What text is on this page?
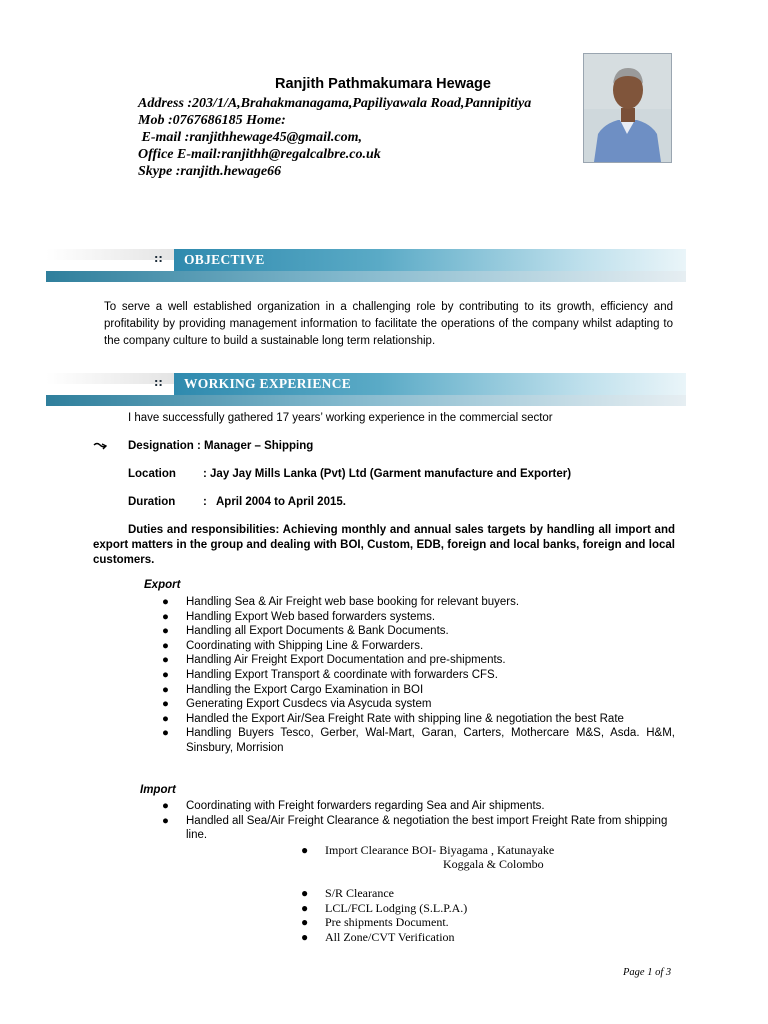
Ranjith Pathmakumara Hewage
Address :203/1/A,Brahakmanagama,Papiliyawala Road,Pannipitiya
Mob :0767686185 Home:
E-mail :ranjithhewage45@gmail.com,
Office E-mail:ranjithh@regalcalbre.co.uk
Skype :ranjith.hewage66
::	OBJECTIVE
To serve a well established organization in a challenging role by contributing to its growth, efficiency and profitability by providing management information to facilitate the operations of the company whilst adapting to the company culture to build a sustainable long term relationship.
::	WORKING EXPERIENCE
I have successfully gathered 17 years’ working experience in the commercial sector
Designation : Manager – Shipping
Location : Jay Jay Mills Lanka (Pvt) Ltd (Garment manufacture and Exporter)
Duration :   April 2004 to April 2015.
Duties and responsibilities: Achieving monthly and annual sales targets by handling all import and export matters in the group and dealing with BOI, Custom, EDB, foreign and local banks, foreign and local customers.
Export
● Handling Sea & Air Freight web base booking for relevant buyers.
● Handling Export Web based forwarders systems.
● Handling all Export Documents & Bank Documents.
● Coordinating with Shipping Line & Forwarders.
● Handling Air Freight Export Documentation and pre-shipments.
● Handling Export Transport & coordinate with forwarders CFS.
● Handling the Export Cargo Examination in BOI
● Generating Export Cusdecs via Asycuda system
● Handled the Export Air/Sea Freight Rate with shipping line & negotiation the best Rate
● Handling Buyers Tesco, Gerber, Wal-Mart, Garan, Carters, Mothercare M&S, Asda. H&M, Sinsbury, Morrision
Import
● Coordinating with Freight forwarders regarding Sea and Air shipments.
● Handled all Sea/Air Freight Clearance & negotiation the best import Freight Rate from shipping line.
● Import Clearance BOI- Biyagama , Katunayake
Koggala & Colombo
● S/R Clearance
● LCL/FCL Lodging (S.L.P.A.)
● Pre shipments Document.
● All Zone/CVT Verification
Page 1 of 3
